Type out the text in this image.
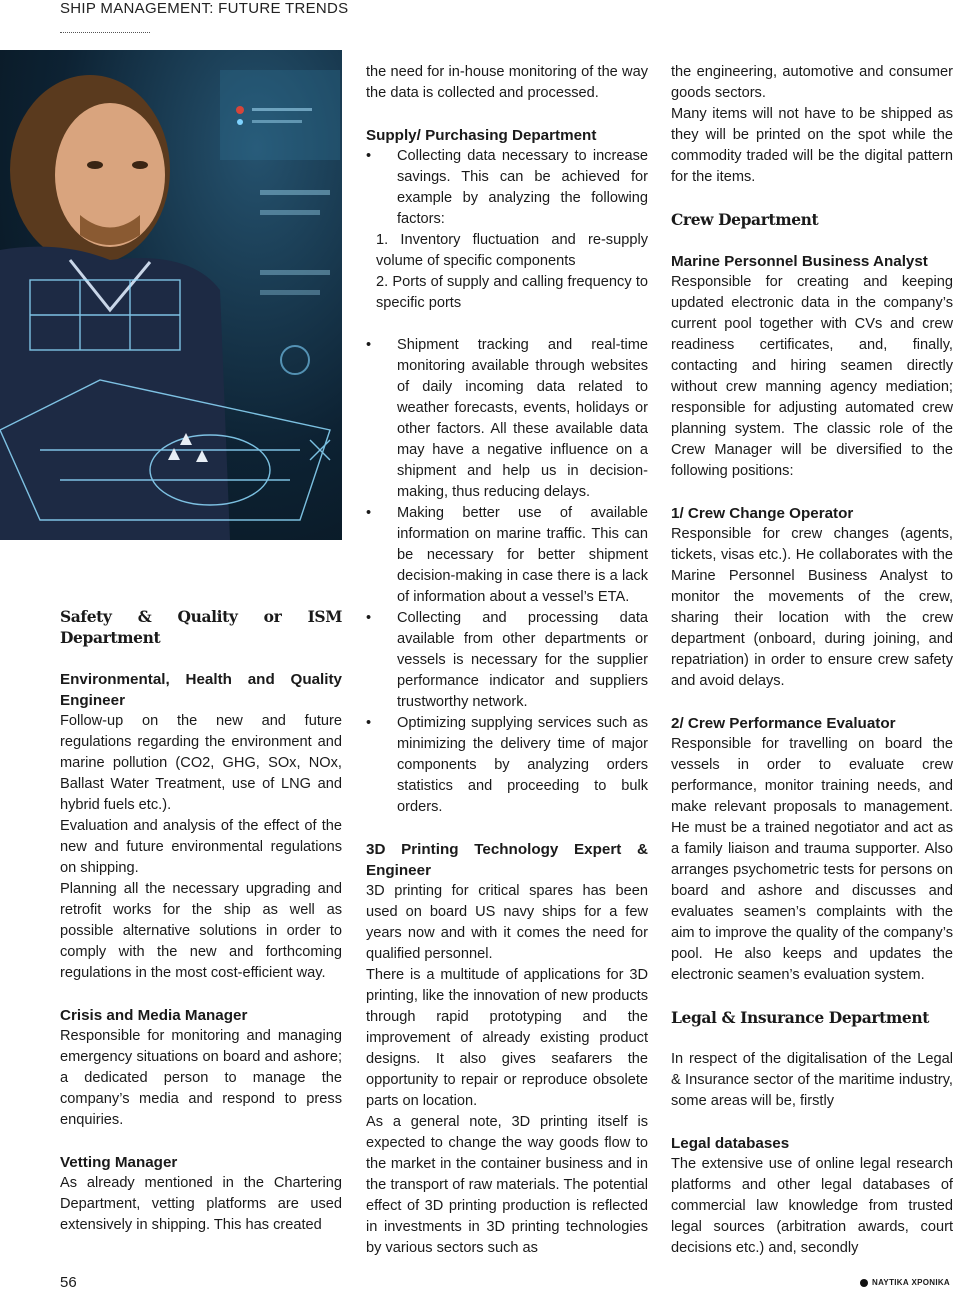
SHIP MANAGEMENT: FUTURE TRENDS
Safety & Quality or ISM Department
Environmental, Health and Quality Engineer

Follow-up on the new and future regulations regarding the environment and marine pollution (CO2, GHG, SOx, NOx, Ballast Water Treatment, use of LNG and hybrid fuels etc.).

Evaluation and analysis of the effect of the new and future environmental regulations on shipping.

Planning all the necessary upgrading and retrofit works for the ship as well as possible alternative solutions in order to comply with the new and forthcoming regulations in the most cost-efficient way.

Crisis and Media Manager

Responsible for monitoring and managing emergency situations on board and ashore; a dedicated person to manage the company’s media and respond to press enquiries.

Vetting Manager

As already mentioned in the Chartering Department, vetting platforms are used extensively in shipping. This has created

the need for in-house monitoring of the way the data is collected and processed.

Supply/ Purchasing Department
• Collecting data necessary to increase savings. This can be achieved for example by analyzing the following factors:

1. Inventory fluctuation and re-supply volume of specific components

2. Ports of supply and calling frequency to specific ports

• Shipment tracking and real-time monitoring available through websites of daily incoming data related to weather forecasts, events, holidays or other factors. All these available data may have a negative influence on a shipment and help us in decision-making, thus reducing delays.
• Making better use of available information on marine traffic. This can be necessary for better shipment decision-making in case there is a lack of information about a vessel’s ETA.
• Collecting and processing data available from other departments or vessels is necessary for the supplier performance indicator and suppliers trustworthy network.
• Optimizing supplying services such as minimizing the delivery time of major components by analyzing orders statistics and proceeding to bulk orders.
3D Printing Technology Expert & Engineer

3D printing for critical spares has been used on board US navy ships for a few years now and with it comes the need for qualified personnel.

There is a multitude of applications for 3D printing, like the innovation of new products through rapid prototyping and the improvement of already existing product designs. It also gives seafarers the opportunity to repair or reproduce obsolete parts on location.

As a general note, 3D printing itself is expected to change the way goods flow to the market in the container business and in the transport of raw materials. The potential effect of 3D printing production is reflected in investments in 3D printing technologies by various sectors such as

the engineering, automotive and consumer goods sectors.

Many items will not have to be shipped as they will be printed on the spot while the commodity traded will be the digital pattern for the items.

Crew Department
Marine Personnel Business Analyst

Responsible for creating and keeping updated electronic data in the company’s current pool together with CVs and crew readiness certificates, and, finally, contacting and hiring seamen directly without crew manning agency mediation; responsible for adjusting automated crew planning system. The classic role of the Crew Manager will be diversified to the following positions:

1/ Crew Change Operator

Responsible for crew changes (agents, tickets, visas etc.). He collaborates with the Marine Personnel Business Analyst to monitor the movements of the crew, sharing their location with the crew department (onboard, during joining, and repatriation) in order to ensure crew safety and avoid delays.

2/ Crew Performance Evaluator

Responsible for travelling on board the vessels in order to evaluate crew performance, monitor training needs, and make relevant proposals to management. He must be a trained negotiator and act as a family liaison and trauma supporter. Also arranges psychometric tests for persons on board and ashore and discusses and evaluates seamen’s complaints with the aim to improve the quality of the company’s pool. He also keeps and updates the electronic seamen’s evaluation system.

Legal & Insurance Department

In respect of the digitalisation of the Legal & Insurance sector of the maritime industry, some areas will be, firstly

Legal databases

The extensive use of online legal research platforms and other legal databases of commercial law knowledge from trusted legal sources (arbitration awards, court decisions etc.) and, secondly

56	ΝΑΥΤΙΚΑ ΧΡΟΝΙΚΑ
